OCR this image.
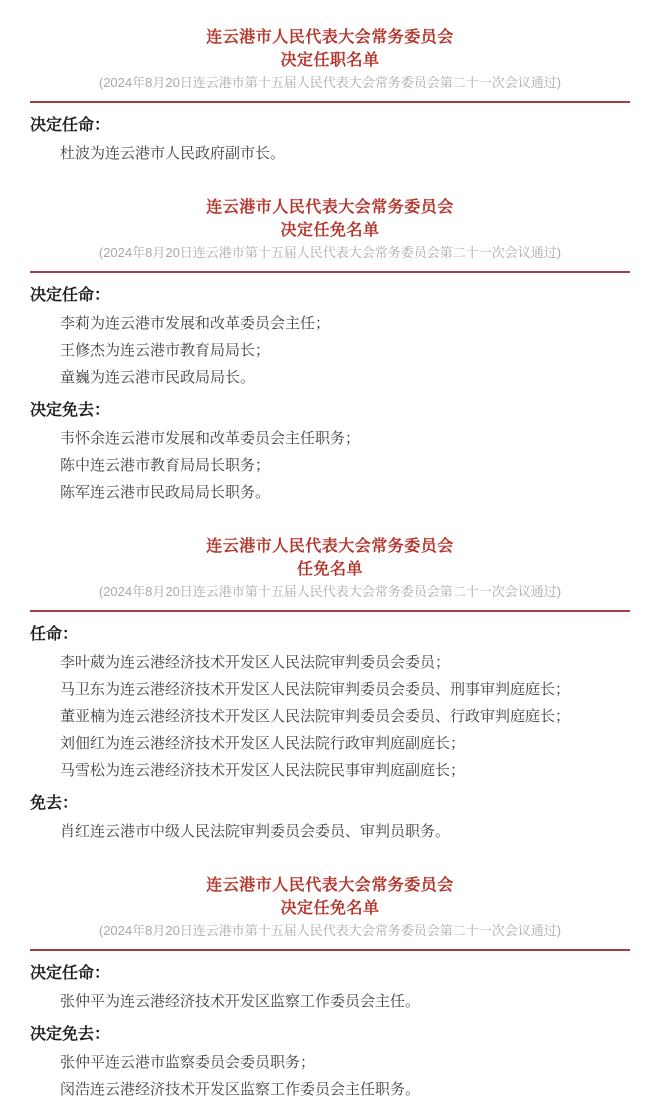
连云港市人民代表大会常务委员会
决定任职名单

(2024年8月20日连云港市第十五届人民代表大会常务委员会第二十一次会议通过)

决定任命：

杜波为连云港市人民政府副市长。

连云港市人民代表大会常务委员会
决定任免名单

(2024年8月20日连云港市第十五届人民代表大会常务委员会第二十一次会议通过)

决定任命：

李莉为连云港市发展和改革委员会主任；

王修杰为连云港市教育局局长；

童巍为连云港市民政局局长。

决定免去：

韦怀余连云港市发展和改革委员会主任职务；

陈中连云港市教育局局长职务；

陈军连云港市民政局局长职务。

连云港市人民代表大会常务委员会
任免名单

(2024年8月20日连云港市第十五届人民代表大会常务委员会第二十一次会议通过)

任命：

李叶葳为连云港经济技术开发区人民法院审判委员会委员；

马卫东为连云港经济技术开发区人民法院审判委员会委员、刑事审判庭庭长；

董亚楠为连云港经济技术开发区人民法院审判委员会委员、行政审判庭庭长；

刘佃红为连云港经济技术开发区人民法院行政审判庭副庭长；

马雪松为连云港经济技术开发区人民法院民事审判庭副庭长；

免去：

肖红连云港市中级人民法院审判委员会委员、审判员职务。

连云港市人民代表大会常务委员会
决定任免名单

(2024年8月20日连云港市第十五届人民代表大会常务委员会第二十一次会议通过)

决定任命：

张仲平为连云港经济技术开发区监察工作委员会主任。

决定免去：

张仲平连云港市监察委员会委员职务；

闵浩连云港经济技术开发区监察工作委员会主任职务。
